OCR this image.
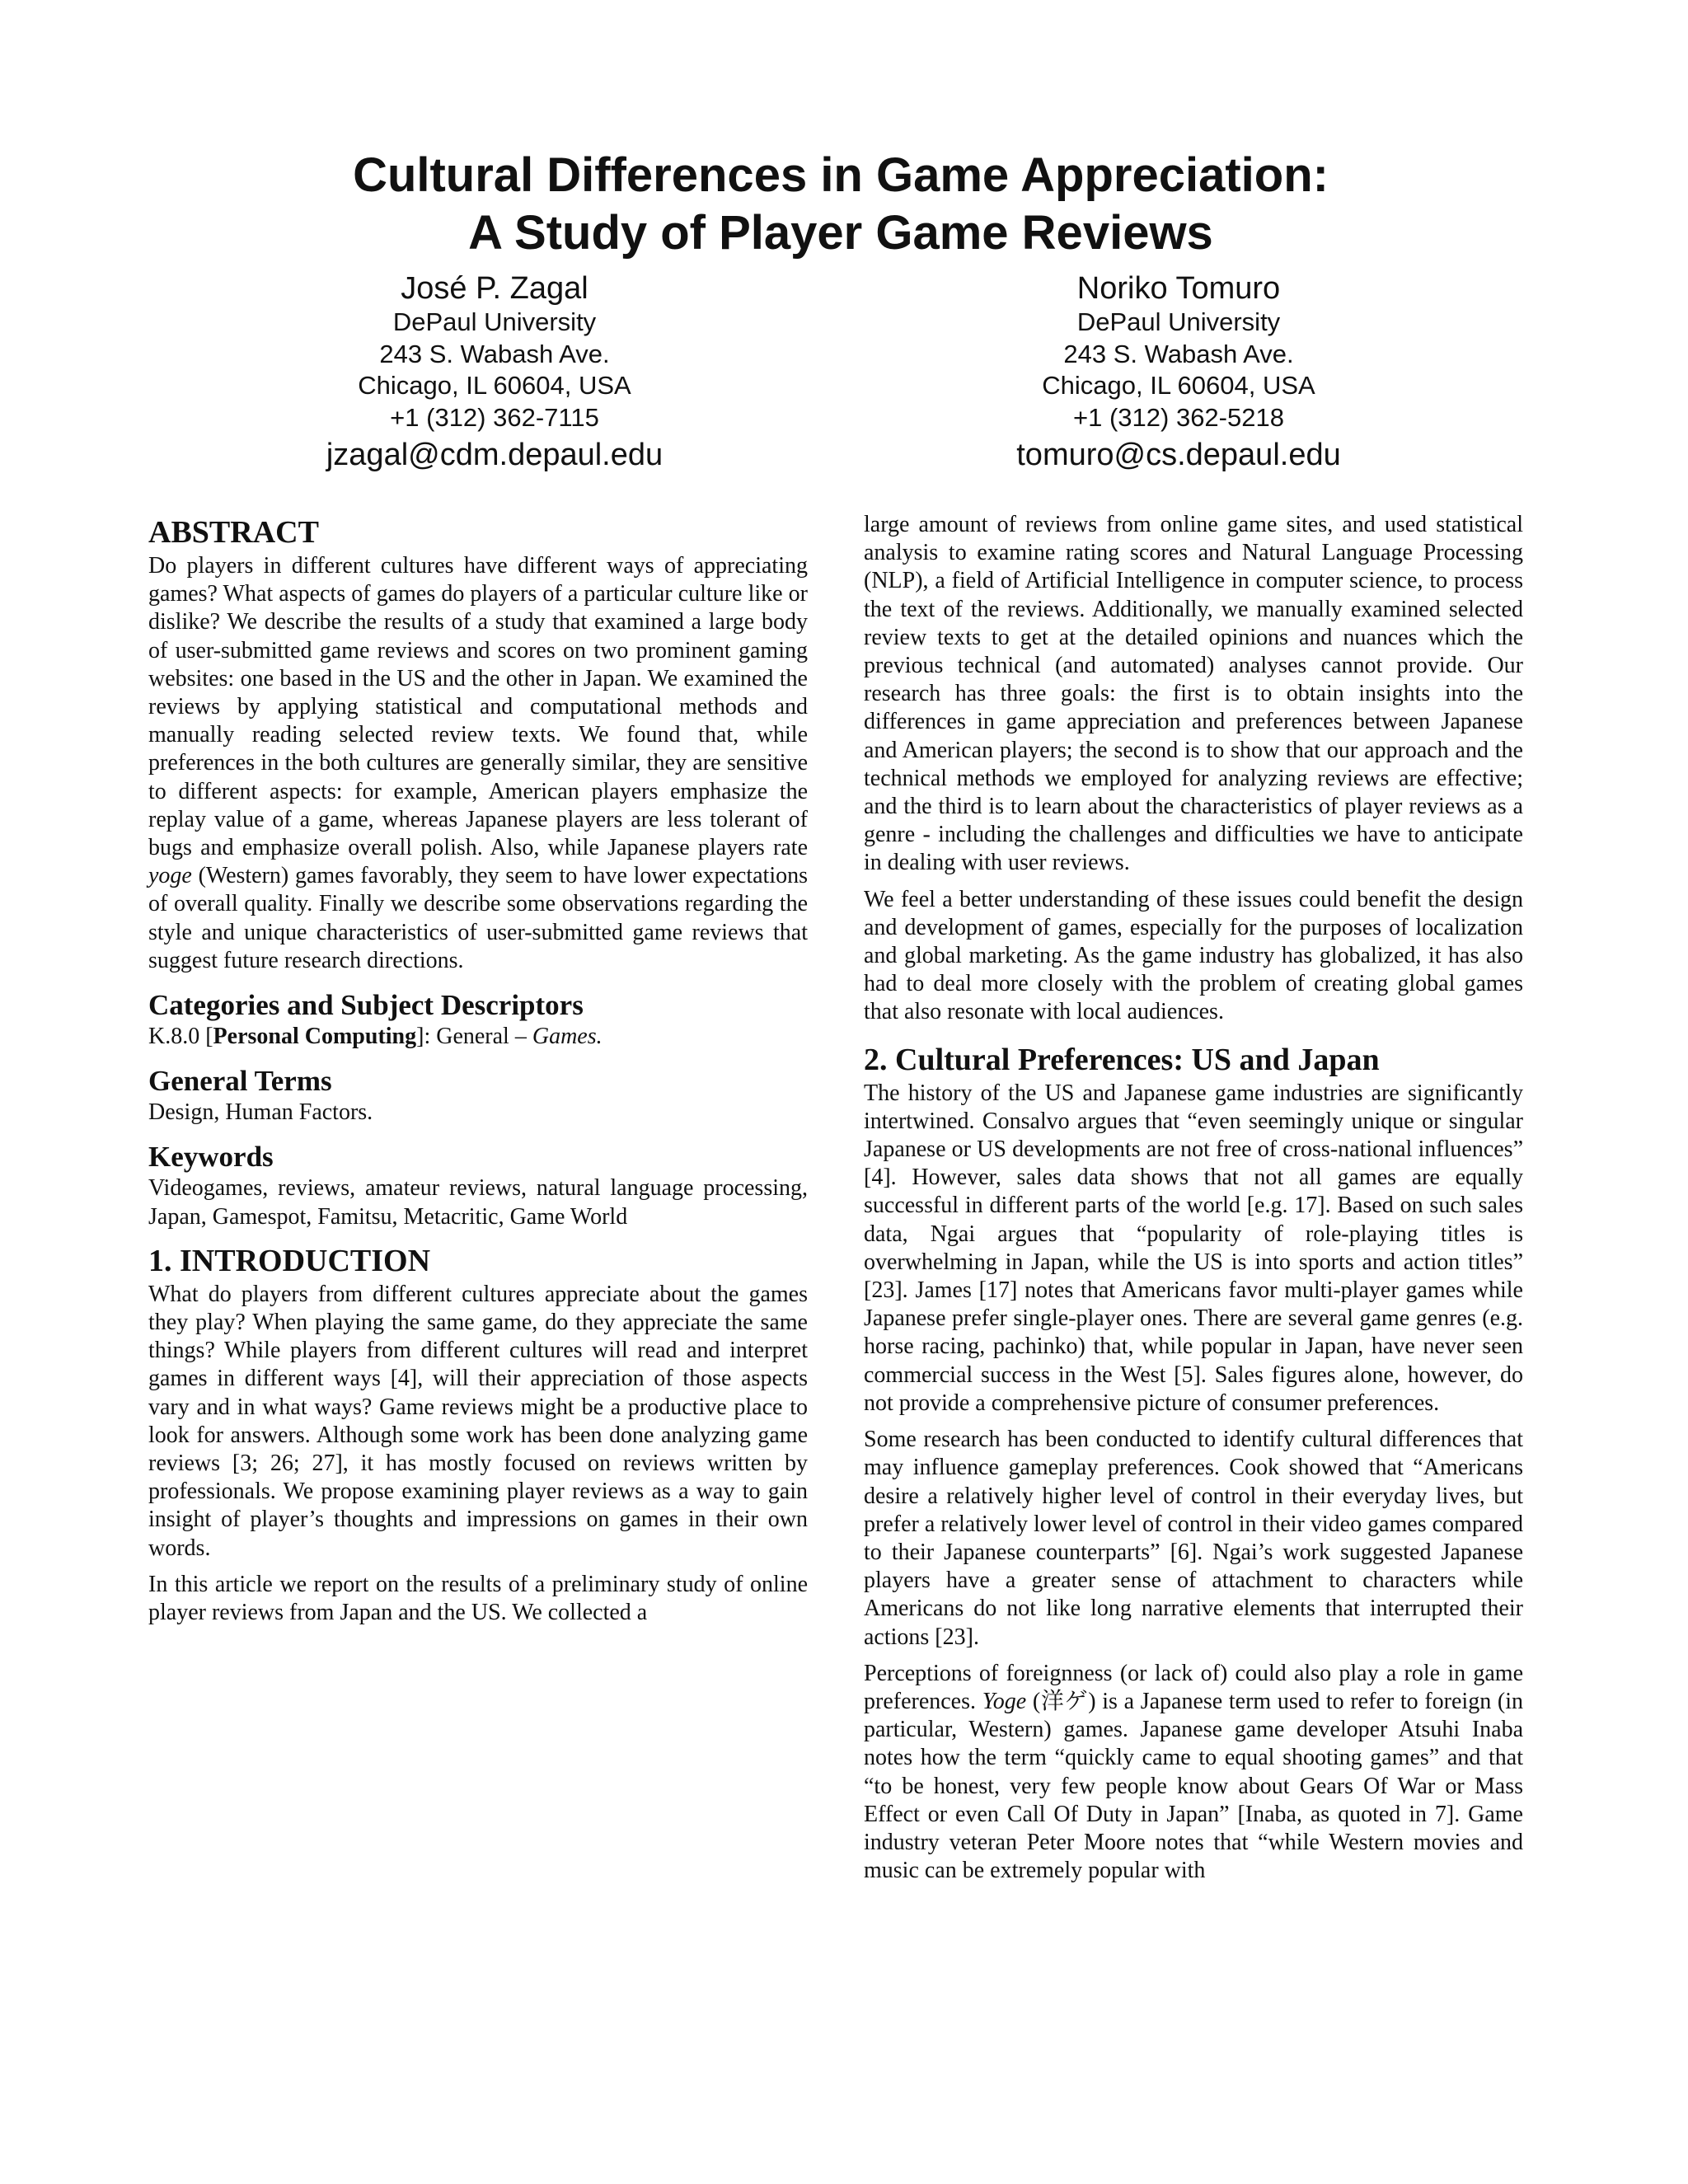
Cultural Differences in Game Appreciation:
A Study of Player Game Reviews
José P. Zagal
DePaul University
243 S. Wabash Ave.
Chicago, IL 60604, USA
+1 (312) 362-7115
jzagal@cdm.depaul.edu
Noriko Tomuro
DePaul University
243 S. Wabash Ave.
Chicago, IL 60604, USA
+1 (312) 362-5218
tomuro@cs.depaul.edu
ABSTRACT

Do players in different cultures have different ways of appreciating games? What aspects of games do players of a particular culture like or dislike? We describe the results of a study that examined a large body of user-submitted game reviews and scores on two prominent gaming websites: one based in the US and the other in Japan. We examined the reviews by applying statistical and computational methods and manually reading selected review texts. We found that, while preferences in the both cultures are generally similar, they are sensitive to different aspects: for example, American players emphasize the replay value of a game, whereas Japanese players are less tolerant of bugs and emphasize overall polish. Also, while Japanese players rate yoge (Western) games favorably, they seem to have lower expectations of overall quality. Finally we describe some observations regarding the style and unique characteristics of user-submitted game reviews that suggest future research directions.

Categories and Subject Descriptors

K.8.0 [Personal Computing]: General – Games.

General Terms

Design, Human Factors.

Keywords

Videogames, reviews, amateur reviews, natural language processing, Japan, Gamespot, Famitsu, Metacritic, Game World

1. INTRODUCTION

What do players from different cultures appreciate about the games they play? When playing the same game, do they appreciate the same things? While players from different cultures will read and interpret games in different ways [4], will their appreciation of those aspects vary and in what ways? Game reviews might be a productive place to look for answers. Although some work has been done analyzing game reviews [3; 26; 27], it has mostly focused on reviews written by professionals. We propose examining player reviews as a way to gain insight of player’s thoughts and impressions on games in their own words.

In this article we report on the results of a preliminary study of online player reviews from Japan and the US. We collected a

large amount of reviews from online game sites, and used statistical analysis to examine rating scores and Natural Language Processing (NLP), a field of Artificial Intelligence in computer science, to process the text of the reviews. Additionally, we manually examined selected review texts to get at the detailed opinions and nuances which the previous technical (and automated) analyses cannot provide. Our research has three goals: the first is to obtain insights into the differences in game appreciation and preferences between Japanese and American players; the second is to show that our approach and the technical methods we employed for analyzing reviews are effective; and the third is to learn about the characteristics of player reviews as a genre - including the challenges and difficulties we have to anticipate in dealing with user reviews.

We feel a better understanding of these issues could benefit the design and development of games, especially for the purposes of localization and global marketing. As the game industry has globalized, it has also had to deal more closely with the problem of creating global games that also resonate with local audiences.

2. Cultural Preferences: US and Japan

The history of the US and Japanese game industries are significantly intertwined. Consalvo argues that “even seemingly unique or singular Japanese or US developments are not free of cross-national influences” [4]. However, sales data shows that not all games are equally successful in different parts of the world [e.g. 17]. Based on such sales data, Ngai argues that “popularity of role-playing titles is overwhelming in Japan, while the US is into sports and action titles” [23]. James [17] notes that Americans favor multi-player games while Japanese prefer single-player ones. There are several game genres (e.g. horse racing, pachinko) that, while popular in Japan, have never seen commercial success in the West [5]. Sales figures alone, however, do not provide a comprehensive picture of consumer preferences.

Some research has been conducted to identify cultural differences that may influence gameplay preferences. Cook showed that “Americans desire a relatively higher level of control in their everyday lives, but prefer a relatively lower level of control in their video games compared to their Japanese counterparts” [6]. Ngai’s work suggested Japanese players have a greater sense of attachment to characters while Americans do not like long narrative elements that interrupted their actions [23].

Perceptions of foreignness (or lack of) could also play a role in game preferences. Yoge (洋ゲ) is a Japanese term used to refer to foreign (in particular, Western) games. Japanese game developer Atsuhi Inaba notes how the term “quickly came to equal shooting games” and that “to be honest, very few people know about Gears Of War or Mass Effect or even Call Of Duty in Japan” [Inaba, as quoted in 7]. Game industry veteran Peter Moore notes that “while Western movies and music can be extremely popular with
